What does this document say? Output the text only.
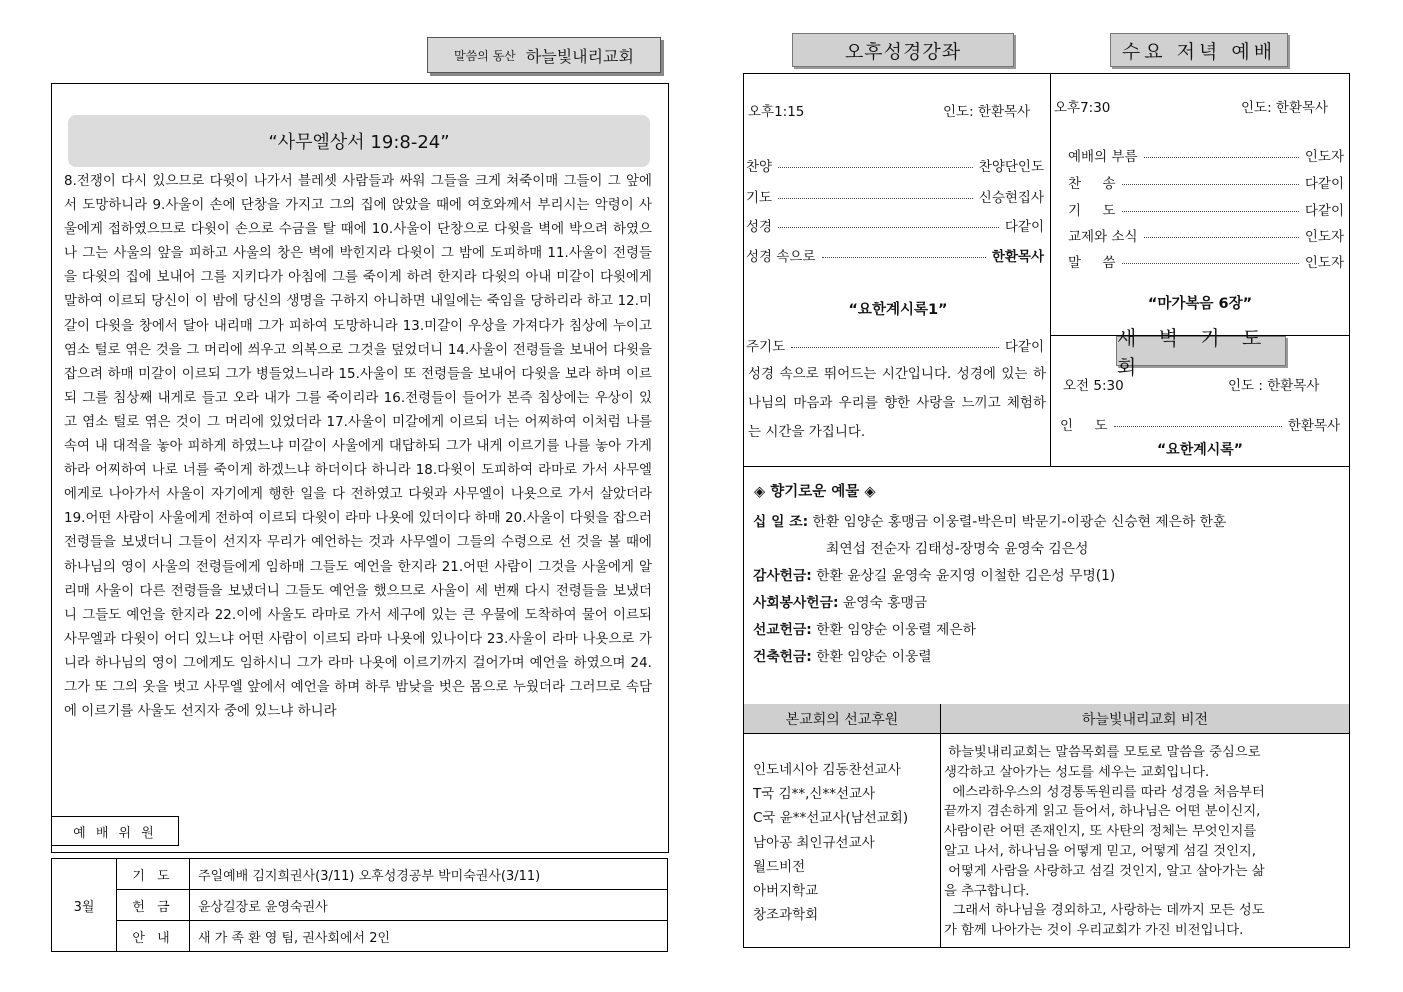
말씀의 동산 하늘빛내리교회
“사무엘상서 19:8-24”
8.전쟁이 다시 있으므로 다윗이 나가서 블레셋 사람들과 싸워 그들을 크게 쳐죽이매 그들이 그 앞에서 도망하니라 9.사울이 손에 단창을 가지고 그의 집에 앉았을 때에 여호와께서 부리시는 악령이 사울에게 접하였으므로 다윗이 손으로 수금을 탈 때에 10.사울이 단창으로 다윗을 벽에 박으려 하였으나 그는 사울의 앞을 피하고 사울의 창은 벽에 박힌지라 다윗이 그 밤에 도피하매 11.사울이 전령들을 다윗의 집에 보내어 그를 지키다가 아침에 그를 죽이게 하려 한지라 다윗의 아내 미갈이 다윗에게 말하여 이르되 당신이 이 밤에 당신의 생명을 구하지 아니하면 내일에는 죽임을 당하리라 하고 12.미갈이 다윗을 창에서 달아 내리매 그가 피하여 도망하니라 13.미갈이 우상을 가져다가 침상에 누이고 염소 털로 엮은 것을 그 머리에 씌우고 의복으로 그것을 덮었더니 14.사울이 전령들을 보내어 다윗을 잡으려 하매 미갈이 이르되 그가 병들었느니라 15.사울이 또 전령들을 보내어 다윗을 보라 하며 이르되 그를 침상째 내게로 들고 오라 내가 그를 죽이리라 16.전령들이 들어가 본즉 침상에는 우상이 있고 염소 털로 엮은 것이 그 머리에 있었더라 17.사울이 미갈에게 이르되 너는 어찌하여 이처럼 나를 속여 내 대적을 놓아 피하게 하였느냐 미갈이 사울에게 대답하되 그가 내게 이르기를 나를 놓아 가게 하라 어찌하여 나로 너를 죽이게 하겠느냐 하더이다 하니라 18.다윗이 도피하여 라마로 가서 사무엘에게로 나아가서 사울이 자기에게 행한 일을 다 전하였고 다윗과 사무엘이 나욧으로 가서 살았더라 19.어떤 사람이 사울에게 전하여 이르되 다윗이 라마 나욧에 있더이다 하매 20.사울이 다윗을 잡으러 전령들을 보냈더니 그들이 선지자 무리가 예언하는 것과 사무엘이 그들의 수령으로 선 것을 볼 때에 하나님의 영이 사울의 전령들에게 임하매 그들도 예언을 한지라 21.어떤 사람이 그것을 사울에게 알리매 사울이 다른 전령들을 보냈더니 그들도 예언을 했으므로 사울이 세 번째 다시 전령들을 보냈더니 그들도 예언을 한지라 22.이에 사울도 라마로 가서 세구에 있는 큰 우물에 도착하여 물어 이르되 사무엘과 다윗이 어디 있느냐 어떤 사람이 이르되 라마 나욧에 있나이다 23.사울이 라마 나욧으로 가니라 하나님의 영이 그에게도 임하시니 그가 라마 나욧에 이르기까지 걸어가며 예언을 하였으며 24.그가 또 그의 옷을 벗고 사무엘 앞에서 예언을 하며 하루 밤낮을 벗은 몸으로 누웠더라 그러므로 속담에 이르기를 사울도 선지자 중에 있느냐 하니라
예 배 위 원
3월	기 도	주일예배 김지희권사(3/11) 오후성경공부 박미숙권사(3/11)
	헌 금	윤상길장로 윤영숙권사
	안 내	새 가 족 환 영 팀, 권사회에서 2인
오후성경강좌	수요 저녁 예배
오후1:15	인도: 한환목사
찬양	찬양단인도
기도	신승현집사
성경	다같이
성경 속으로	한환목사
“요한계시록1”
주기도	다같이
성경 속으로 뛰어드는 시간입니다. 성경에 있는 하나님의 마음과 우리를 향한 사랑을 느끼고 체험하는 시간을 가집니다.
오후7:30	인도: 한환목사
예배의 부름	인도자
찬     송	다같이
기     도	다같이
교제와 소식	인도자
말     씀	인도자
“마가복음 6장”
새 벽 기 도 회
오전 5:30	인도 : 한환목사
인     도	한환목사
“요한계시록”
◈ 향기로운 예물 ◈
십 일 조: 한환 임양순 홍맹금 이웅렬-박은미 박문기-이광순 신승현 제은하 한훈
최연섭 전순자 김태성-장명숙 윤영숙 김은성
감사헌금: 한환 윤상길 윤영숙 윤지영 이철한 김은성 무명(1)
사회봉사헌금: 윤영숙 홍맹금
선교헌금: 한환 임양순 이웅렬 제은하
건축헌금: 한환 임양순 이웅렬
본교회의 선교후원	하늘빛내리교회 비전
인도네시아 김동찬선교사
T국 김**,신**선교사
C국 윤**선교사(남선교회)
남아공 최인규선교사
월드비전
아버지학교
창조과학회
하늘빛내리교회는 말씀목회를 모토로 말씀을 중심으로
생각하고 살아가는 성도를 세우는 교회입니다.
에스라하우스의 성경통독원리를 따라 성경을 처음부터
끝까지 겸손하게 읽고 들어서, 하나님은 어떤 분이신지,
사람이란 어떤 존재인지, 또 사탄의 정체는 무엇인지를
알고 나서, 하나님을 어떻게 믿고, 어떻게 섬길 것인지,
어떻게 사람을 사랑하고 섬길 것인지, 알고 살아가는 삶
을 추구합니다.
그래서 하나님을 경외하고, 사랑하는 데까지 모든 성도
가 함께 나아가는 것이 우리교회가 가진 비전입니다.
